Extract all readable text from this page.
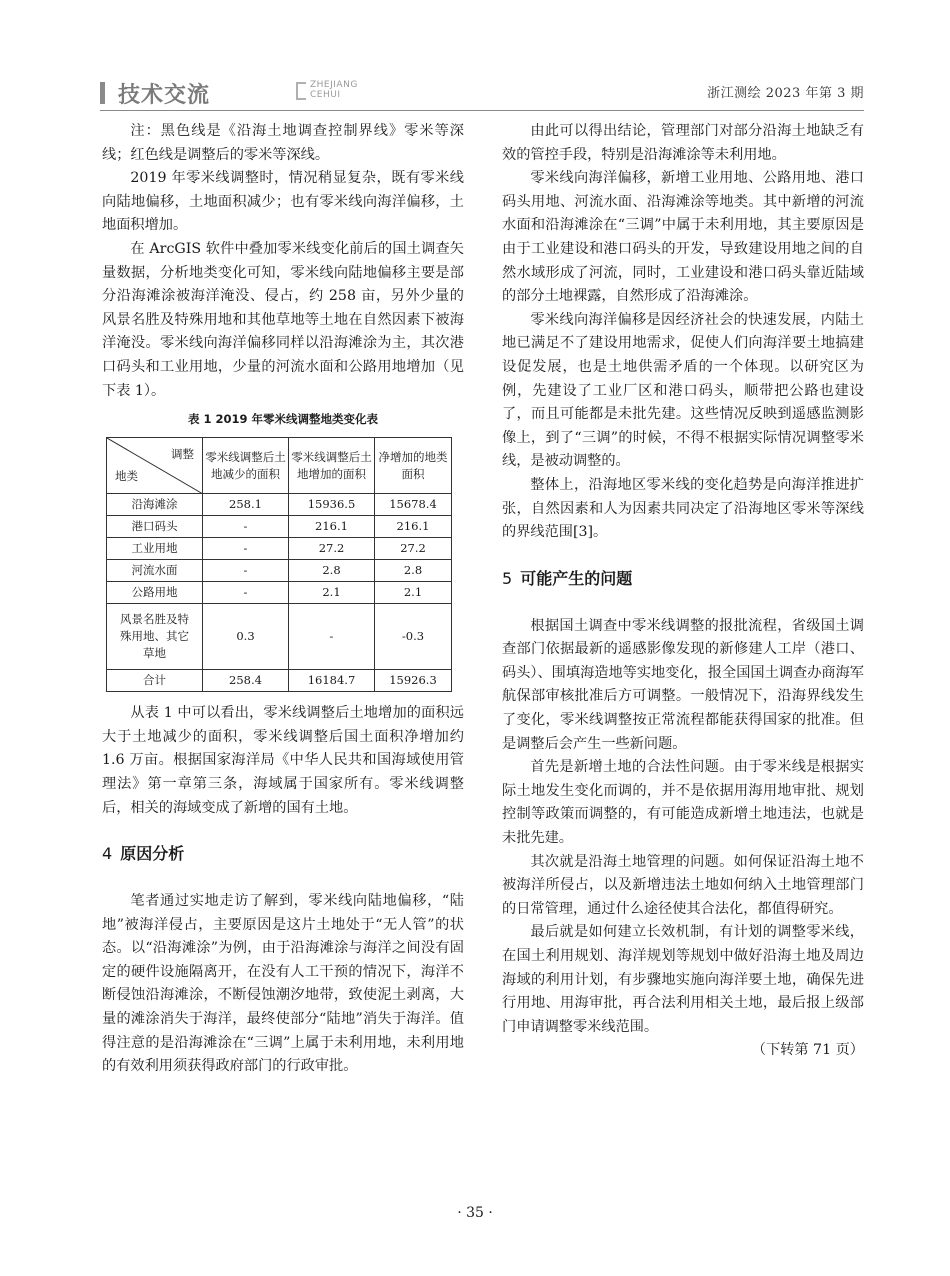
技术交流	ZHEJIANG
CEHUI	浙江测绘 2023 年第 3 期

注：黑色线是《沿海土地调查控制界线》零米等深线；红色线是调整后的零米等深线。

2019 年零米线调整时，情况稍显复杂，既有零米线向陆地偏移，土地面积减少；也有零米线向海洋偏移，土地面积增加。

在 ArcGIS 软件中叠加零米线变化前后的国土调查矢量数据，分析地类变化可知，零米线向陆地偏移主要是部分沿海滩涂被海洋淹没、侵占，约 258 亩，另外少量的风景名胜及特殊用地和其他草地等土地在自然因素下被海洋淹没。零米线向海洋偏移同样以沿海滩涂为主，其次港口码头和工业用地，少量的河流水面和公路用地增加（见下表 1）。

表 1 2019 年零米线调整地类变化表
调整
地类	零米线调整后土地减少的面积	零米线调整后土地增加的面积	净增加的地类面积
沿海滩涂	258.1	15936.5	15678.4
港口码头	-	216.1	216.1
工业用地	-	27.2	27.2
河流水面	-	2.8	2.8
公路用地	-	2.1	2.1
风景名胜及特殊用地、其它草地	0.3	-	-0.3
合计	258.4	16184.7	15926.3

从表 1 中可以看出，零米线调整后土地增加的面积远大于土地减少的面积，零米线调整后国土面积净增加约 1.6 万亩。根据国家海洋局《中华人民共和国海域使用管理法》第一章第三条，海域属于国家所有。零米线调整后，相关的海域变成了新增的国有土地。

4 原因分析

笔者通过实地走访了解到，零米线向陆地偏移，“陆地”被海洋侵占，主要原因是这片土地处于“无人管”的状态。以“沿海滩涂”为例，由于沿海滩涂与海洋之间没有固定的硬件设施隔离开，在没有人工干预的情况下，海洋不断侵蚀沿海滩涂，不断侵蚀潮汐地带，致使泥土剥离，大量的滩涂消失于海洋，最终使部分“陆地”消失于海洋。值得注意的是沿海滩涂在“三调”上属于未利用地，未利用地的有效利用须获得政府部门的行政审批。

由此可以得出结论，管理部门对部分沿海土地缺乏有效的管控手段，特别是沿海滩涂等未利用地。

零米线向海洋偏移，新增工业用地、公路用地、港口码头用地、河流水面、沿海滩涂等地类。其中新增的河流水面和沿海滩涂在“三调”中属于未利用地，其主要原因是由于工业建设和港口码头的开发，导致建设用地之间的自然水域形成了河流，同时，工业建设和港口码头靠近陆域的部分土地裸露，自然形成了沿海滩涂。

零米线向海洋偏移是因经济社会的快速发展，内陆土地已满足不了建设用地需求，促使人们向海洋要土地搞建设促发展，也是土地供需矛盾的一个体现。以研究区为例，先建设了工业厂区和港口码头，顺带把公路也建设了，而且可能都是未批先建。这些情况反映到遥感监测影像上，到了“三调”的时候，不得不根据实际情况调整零米线，是被动调整的。

整体上，沿海地区零米线的变化趋势是向海洋推进扩张，自然因素和人为因素共同决定了沿海地区零米等深线的界线范围[3]。

5 可能产生的问题

根据国土调查中零米线调整的报批流程，省级国土调查部门依据最新的遥感影像发现的新修建人工岸（港口、码头）、围填海造地等实地变化，报全国国土调查办商海军航保部审核批准后方可调整。一般情况下，沿海界线发生了变化，零米线调整按正常流程都能获得国家的批准。但是调整后会产生一些新问题。

首先是新增土地的合法性问题。由于零米线是根据实际土地发生变化而调的，并不是依据用海用地审批、规划控制等政策而调整的，有可能造成新增土地违法，也就是未批先建。

其次就是沿海土地管理的问题。如何保证沿海土地不被海洋所侵占，以及新增违法土地如何纳入土地管理部门的日常管理，通过什么途径使其合法化，都值得研究。

最后就是如何建立长效机制，有计划的调整零米线，在国土利用规划、海洋规划等规划中做好沿海土地及周边海域的利用计划，有步骤地实施向海洋要土地，确保先进行用地、用海审批，再合法利用相关土地，最后报上级部门申请调整零米线范围。

（下转第 71 页）

· 35 ·
